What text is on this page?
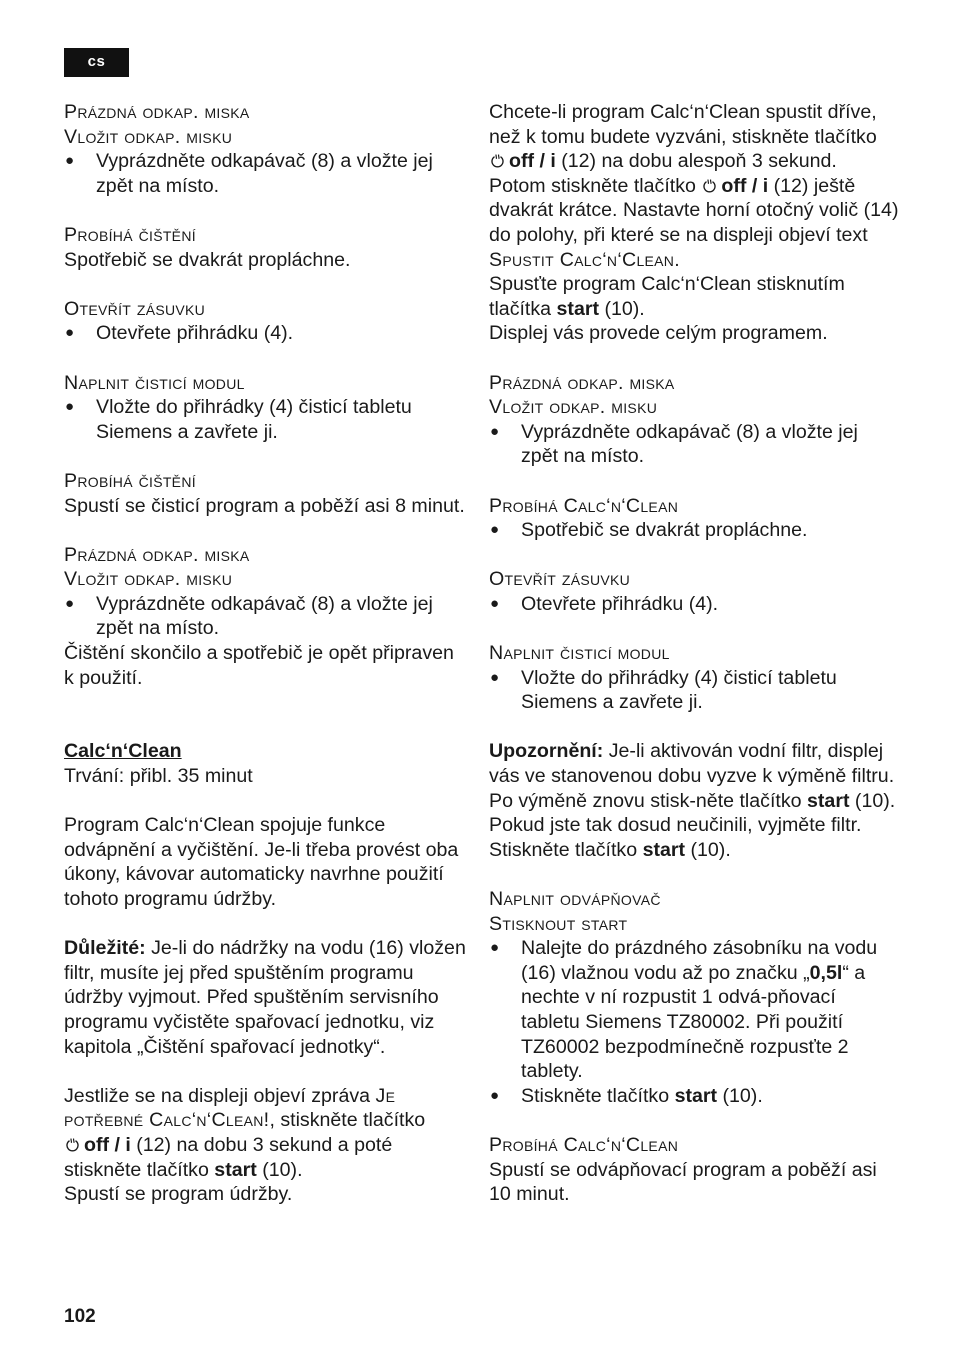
cs

Prázdná odkap. miska

Vložit odkap. misku

● Vyprázdněte odkapávač (8) a vložte jej zpět na místo.

Probíhá čištění

Spotřebič se dvakrát propláchne.

Otevřít zásuvku

● Otevřete přihrádku (4).

Naplnit čisticí modul

● Vložte do přihrádky (4) čisticí tabletu Siemens a zavřete ji.

Probíhá čištění

Spustí se čisticí program a poběží asi 8 minut.

Prázdná odkap. miska

Vložit odkap. misku

● Vyprázdněte odkapávač (8) a vložte jej zpět na místo.

Čištění skončilo a spotřebič je opět připraven k použití.

Calc‘n‘Clean

Trvání: přibl. 35 minut

Program Calc‘n‘Clean spojuje funkce odvápnění a vyčištění. Je-li třeba provést oba úkony, kávovar automaticky navrhne použití tohoto programu údržby.

Důležité: Je-li do nádržky na vodu (16) vložen filtr, musíte jej před spuštěním programu údržby vyjmout. Před spuštěním servisního programu vyčistěte spařovací jednotku, viz kapitola „Čištění spařovací jednotky“.

Jestliže se na displeji objeví zpráva Je potřebné Calc‘n‘Clean!, stiskněte tlačítko
off / i (12) na dobu 3 sekund a poté stiskněte tlačítko start (10).

Spustí se program údržby.

Chcete-li program Calc‘n‘Clean spustit dříve, než k tomu budete vyzváni, stiskněte tlačítko off / i (12) na dobu alespoň 3 sekund.

Potom stiskněte tlačítko off / i (12) ještě dvakrát krátce. Nastavte horní otočný volič (14) do polohy, při které se na displeji objeví text Spustit Calc‘n‘Clean.

Spusťte program Calc‘n‘Clean stisknutím tlačítka start (10).

Displej vás provede celým programem.

Prázdná odkap. miska

Vložit odkap. misku

● Vyprázdněte odkapávač (8) a vložte jej zpět na místo.

Probíhá Calc‘n‘Clean

● Spotřebič se dvakrát propláchne.

Otevřít zásuvku

● Otevřete přihrádku (4).

Naplnit čisticí modul

● Vložte do přihrádky (4) čisticí tabletu Siemens a zavřete ji.

Upozornění: Je-li aktivován vodní filtr, displej vás ve stanovenou dobu vyzve k výměně filtru. Po výměně znovu stisk-něte tlačítko start (10). Pokud jste tak dosud neučinili, vyjměte filtr. Stiskněte tlačítko start (10).

Naplnit odvápňovač

Stisknout start

● Nalejte do prázdného zásobníku na vodu (16) vlažnou vodu až po značku „0,5l“ a nechte v ní rozpustit 1 odvá-pňovací tabletu Siemens TZ80002. Při použití TZ60002 bezpodmínečně rozpusťte 2 tablety.

● Stiskněte tlačítko start (10).

Probíhá Calc‘n‘Clean

Spustí se odvápňovací program a poběží asi 10 minut.

102
